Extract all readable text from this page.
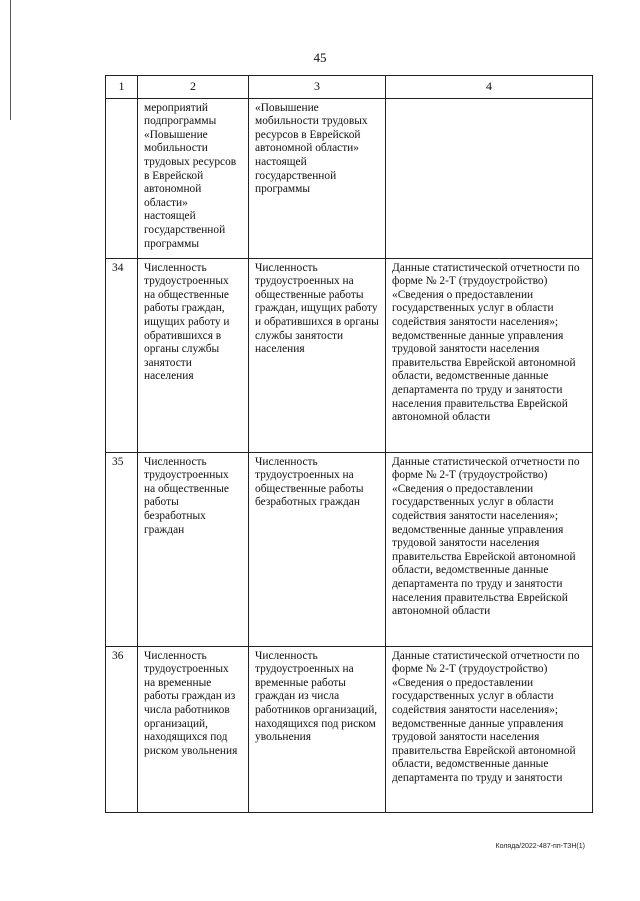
45
1	2	3	4
	мероприятий подпрограммы «Повышение мобильности трудовых ресурсов в Еврейской автономной области» настоящей государственной программы	«Повышение мобильности трудовых ресурсов в Еврейской автономной области» настоящей государственной программы	
34	Численность трудоустроенных на общественные работы граждан, ищущих работу и обратившихся в органы службы занятости населения	Численность трудоустроенных на общественные работы граждан, ищущих работу и обратившихся в органы службы занятости населения	Данные статистической отчетности по форме № 2-Т (трудоустройство) «Сведения о предоставлении государственных услуг в области содействия занятости населения»; ведомственные данные управления трудовой занятости населения правительства Еврейской автономной области, ведомственные данные департамента по труду и занятости населения правительства Еврейской автономной области
35	Численность трудоустроенных на общественные работы безработных граждан	Численность трудоустроенных на общественные работы безработных граждан	Данные статистической отчетности по форме № 2-Т (трудоустройство) «Сведения о предоставлении государственных услуг в области содействия занятости населения»; ведомственные данные управления трудовой занятости населения правительства Еврейской автономной области, ведомственные данные департамента по труду и занятости населения правительства Еврейской автономной области
36	Численность трудоустроенных на временные работы граждан из числа работников организаций, находящихся под риском увольнения	Численность трудоустроенных на временные работы граждан из числа работников организаций, находящихся под риском увольнения	Данные статистической отчетности по форме № 2-Т (трудоустройство) «Сведения о предоставлении государственных услуг в области содействия занятости населения»; ведомственные данные управления трудовой занятости населения правительства Еврейской автономной области, ведомственные данные департамента по труду и занятости
Коляда/2022-487-пп-ТЗН(1)
